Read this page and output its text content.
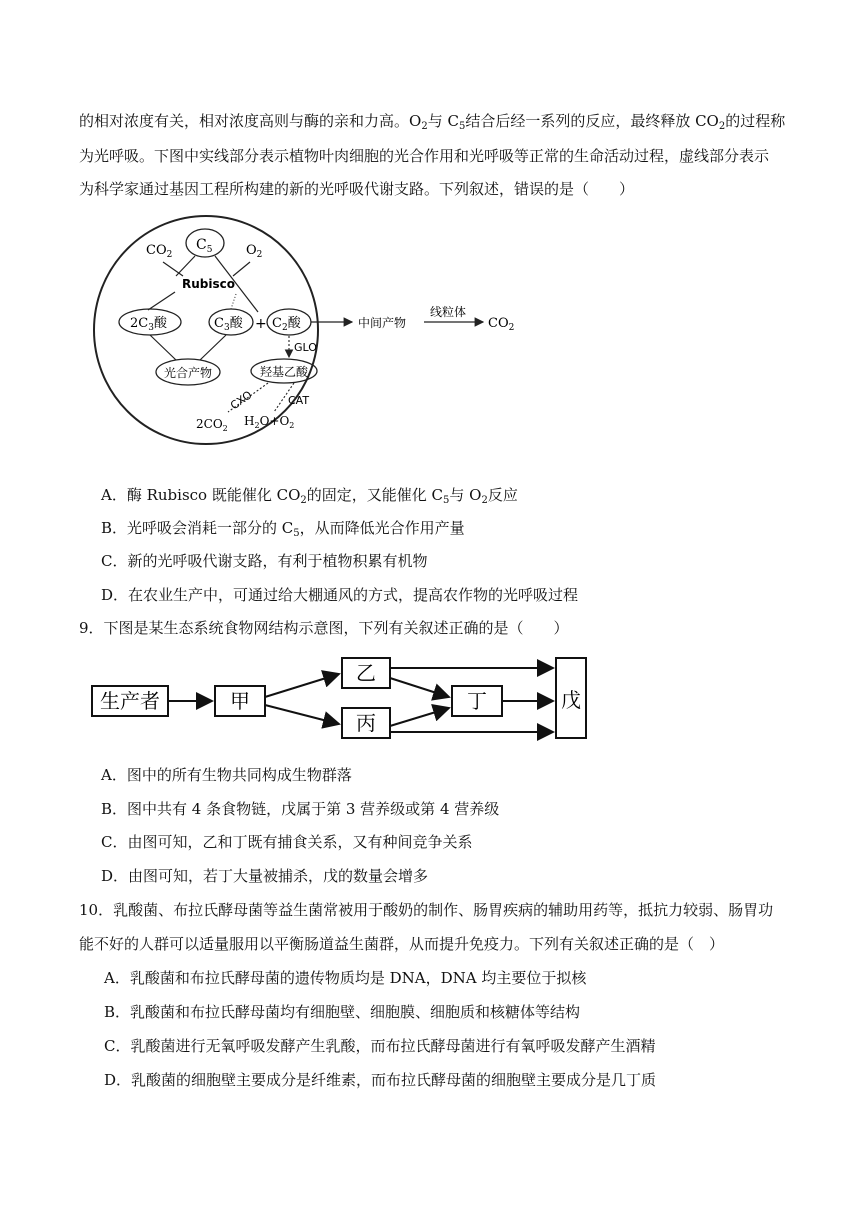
的相对浓度有关，相对浓度高则与酶的亲和力高。$O_2$与 $C_5$结合后经一系列的反应，最终释放 $CO_2$的过程称
为光呼吸。下图中实线部分表示植物叶肉细胞的光合作用和光呼吸等正常的生命活动过程，虚线部分表示
为科学家通过基因工程所构建的新的光呼吸代谢支路。下列叙述，错误的是（　　）
$C_5$
$CO_2$	$O_2$
Rubisco
$2C_3$酸	$C_3$酸 + $C_2$酸	中间产物
线粒体
$CO_2$
光合产物
GLO
羟基乙酸
CXO	CAT
$2CO_2$
$H_2O+O_2$
A．酶 Rubisco 既能催化 $CO_2$的固定，又能催化 $C_5$与 $O_2$反应
B．光呼吸会消耗一部分的 $C_5$，从而降低光合作用产量
C．新的光呼吸代谢支路，有利于植物积累有机物
D．在农业生产中，可通过给大棚通风的方式，提高农作物的光呼吸过程
9．下图是某生态系统食物网结构示意图，下列有关叙述正确的是（　　）
生产者	甲
乙
丙
丁	戊
A．图中的所有生物共同构成生物群落
B．图中共有 4 条食物链，戊属于第 3 营养级或第 4 营养级
C．由图可知，乙和丁既有捕食关系，又有种间竞争关系
D．由图可知，若丁大量被捕杀，戊的数量会增多
10．乳酸菌、布拉氏酵母菌等益生菌常被用于酸奶的制作、肠胃疾病的辅助用药等，抵抗力较弱、肠胃功
能不好的人群可以适量服用以平衡肠道益生菌群，从而提升免疫力。下列有关叙述正确的是（　）
A．乳酸菌和布拉氏酵母菌的遗传物质均是 DNA，DNA 均主要位于拟核
B．乳酸菌和布拉氏酵母菌均有细胞壁、细胞膜、细胞质和核糖体等结构
C．乳酸菌进行无氧呼吸发酵产生乳酸，而布拉氏酵母菌进行有氧呼吸发酵产生酒精
D．乳酸菌的细胞壁主要成分是纤维素，而布拉氏酵母菌的细胞壁主要成分是几丁质
